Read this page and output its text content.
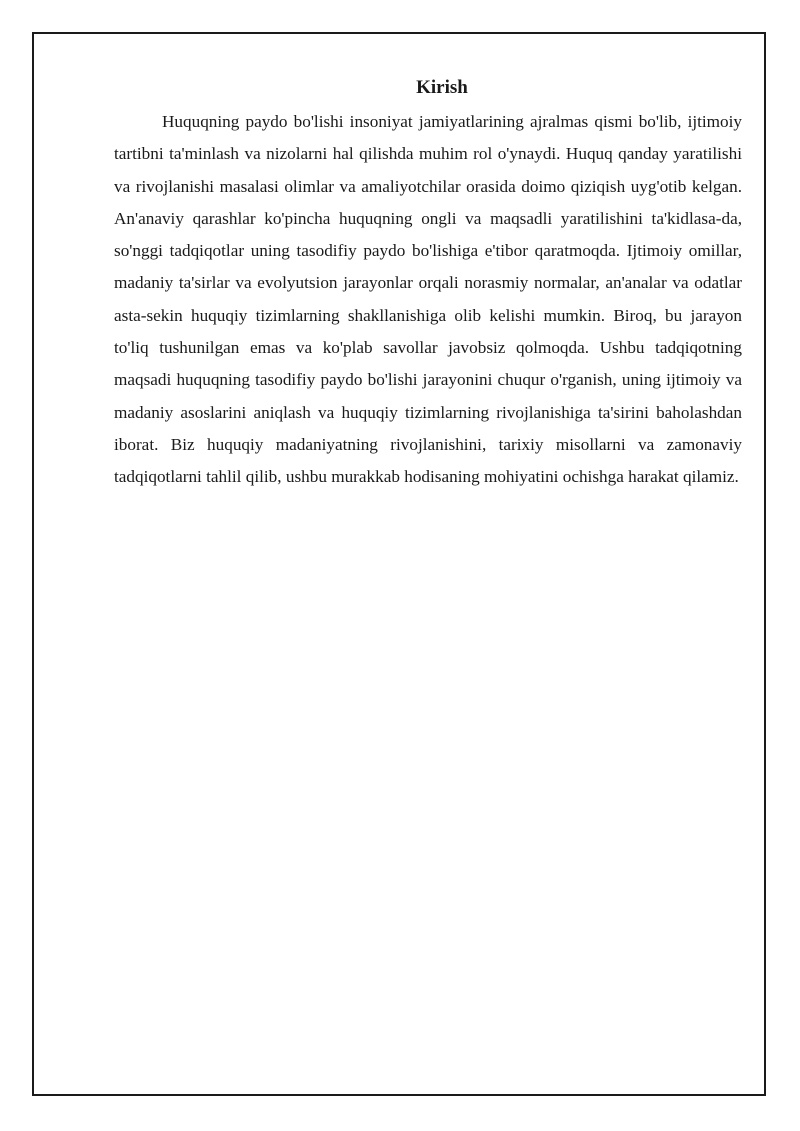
Kirish

Huquqning paydo bo'lishi insoniyat jamiyatlarining ajralmas qismi bo'lib, ijtimoiy tartibni ta'minlash va nizolarni hal qilishda muhim rol o'ynaydi. Huquq qanday yaratilishi va rivojlanishi masalasi olimlar va amaliyotchilar orasida doimo qiziqish uyg'otib kelgan. An'anaviy qarashlar ko'pincha huquqning ongli va maqsadli yaratilishini ta'kidlasa-da, so'nggi tadqiqotlar uning tasodifiy paydo bo'lishiga e'tibor qaratmoqda. Ijtimoiy omillar, madaniy ta'sirlar va evolyutsion jarayonlar orqali norasmiy normalar, an'analar va odatlar asta-sekin huquqiy tizimlarning shakllanishiga olib kelishi mumkin. Biroq, bu jarayon to'liq tushunilgan emas va ko'plab savollar javobsiz qolmoqda. Ushbu tadqiqotning maqsadi huquqning tasodifiy paydo bo'lishi jarayonini chuqur o'rganish, uning ijtimoiy va madaniy asoslarini aniqlash va huquqiy tizimlarning rivojlanishiga ta'sirini baholashdan iborat. Biz huquqiy madaniyatning rivojlanishini, tarixiy misollarni va zamonaviy tadqiqotlarni tahlil qilib, ushbu murakkab hodisaning mohiyatini ochishga harakat qilamiz.
